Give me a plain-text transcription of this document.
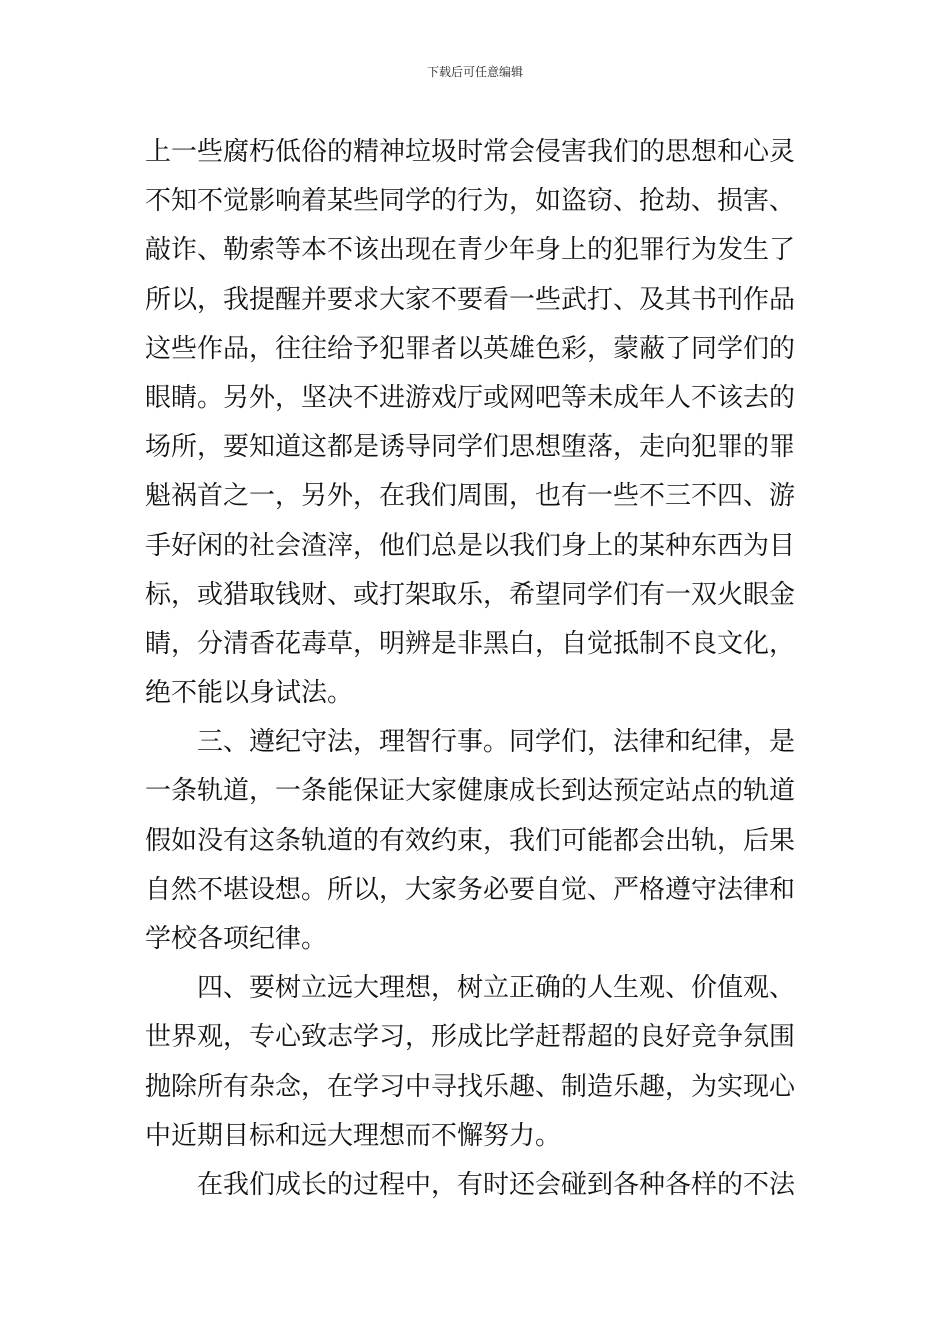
下载后可任意编辑
上一些腐朽低俗的精神垃圾时常会侵害我们的思想和心灵
不知不觉影响着某些同学的行为，如盗窃、抢劫、损害、
敲诈、勒索等本不该出现在青少年身上的犯罪行为发生了
所以，我提醒并要求大家不要看一些武打、及其书刊作品
这些作品，往往给予犯罪者以英雄色彩，蒙蔽了同学们的
眼睛。另外，坚决不进游戏厅或网吧等未成年人不该去的
场所，要知道这都是诱导同学们思想堕落，走向犯罪的罪
魁祸首之一，另外，在我们周围，也有一些不三不四、游
手好闲的社会渣滓，他们总是以我们身上的某种东西为目
标，或猎取钱财、或打架取乐，希望同学们有一双火眼金
睛，分清香花毒草，明辨是非黑白，自觉抵制不良文化，
绝不能以身试法。
三、遵纪守法，理智行事。同学们，法律和纪律，是
一条轨道，一条能保证大家健康成长到达预定站点的轨道
假如没有这条轨道的有效约束，我们可能都会出轨，后果
自然不堪设想。所以，大家务必要自觉、严格遵守法律和
学校各项纪律。
四、要树立远大理想，树立正确的人生观、价值观、
世界观，专心致志学习，形成比学赶帮超的良好竞争氛围
抛除所有杂念，在学习中寻找乐趣、制造乐趣，为实现心
中近期目标和远大理想而不懈努力。
在我们成长的过程中，有时还会碰到各种各样的不法
